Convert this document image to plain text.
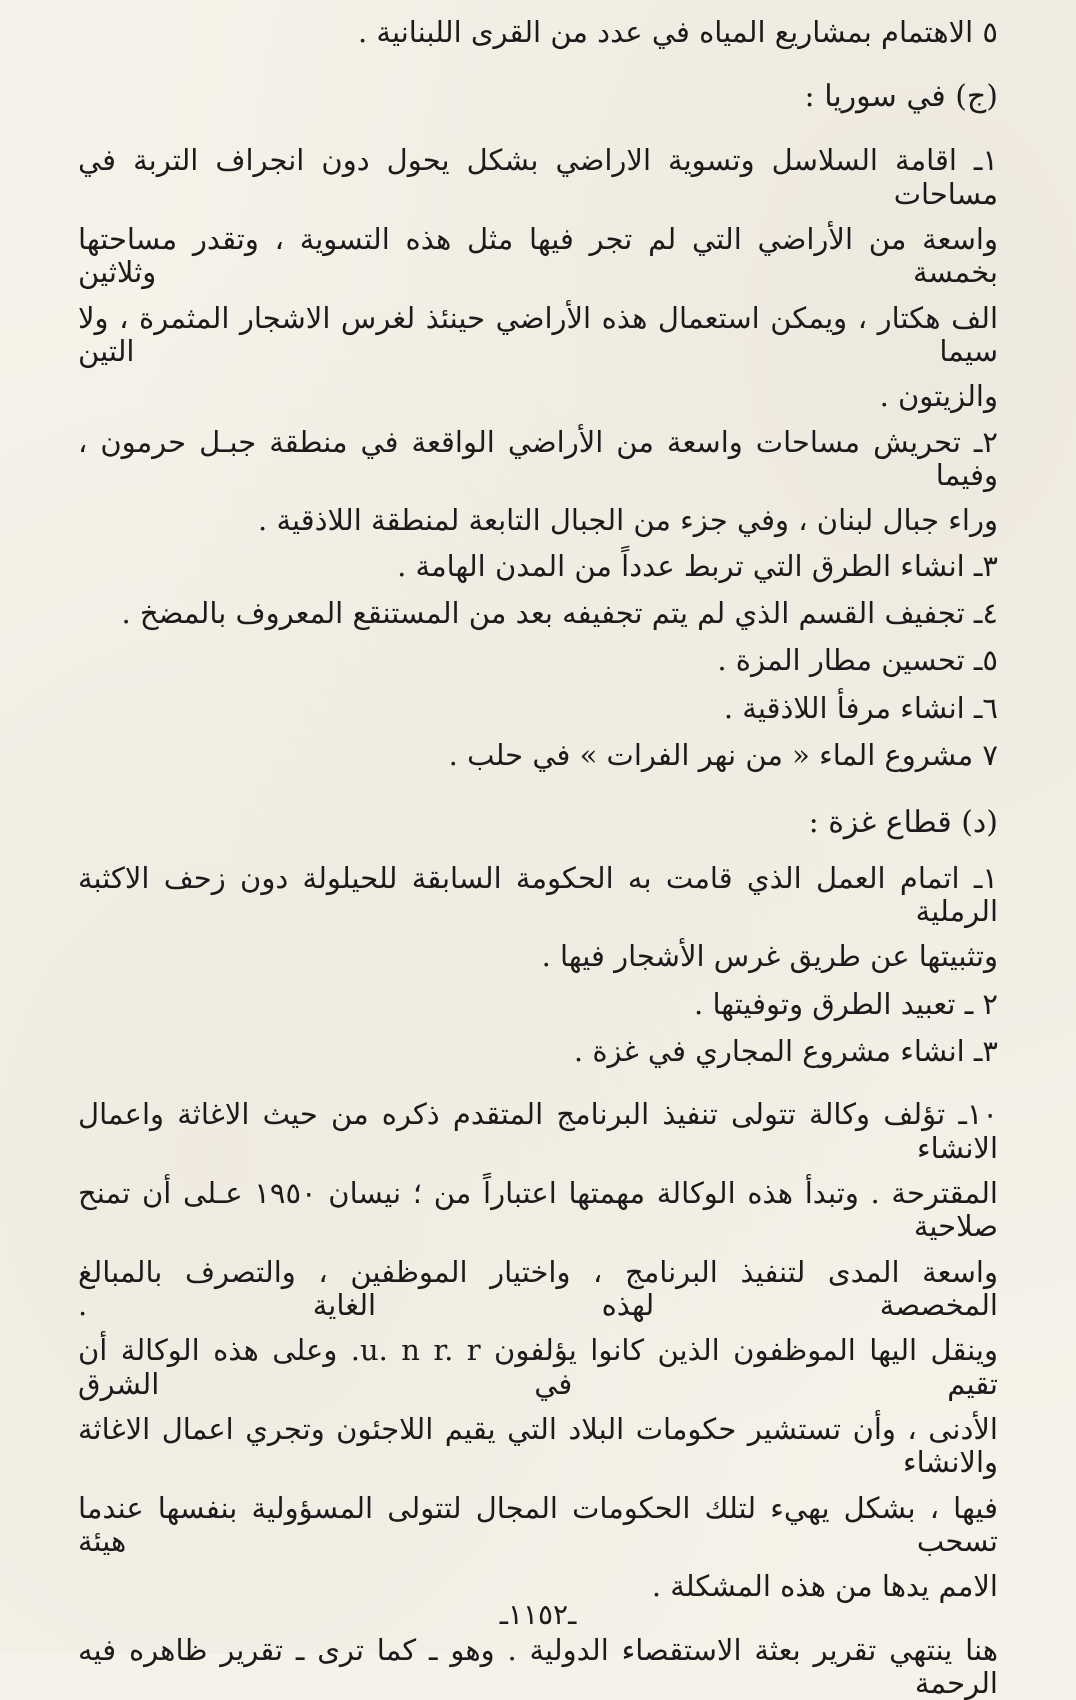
٥ الاهتمام بمشاريع المياه في عدد من القرى اللبنانية .

(ج) في سوريا :

١ـ اقامة السلاسل وتسوية الاراضي بشكل يحول دون انجراف التربة في مساحات

واسعة من الأراضي التي لم تجر فيها مثل هذه التسوية ، وتقدر مساحتها بخمسة وثلاثين

الف هكتار ، ويمكن استعمال هذه الأراضي حينئذ لغرس الاشجار المثمرة ، ولا سيما التين

والزيتون .

٢ـ تحريش مساحات واسعة من الأراضي الواقعة في منطقة جبـل حرمون ، وفيما

وراء جبال لبنان ، وفي جزء من الجبال التابعة لمنطقة اللاذقية .

٣ـ انشاء الطرق التي تربط عدداً من المدن الهامة .

٤ـ تجفيف القسم الذي لم يتم تجفيفه بعد من المستنقع المعروف بالمضخ .

٥ـ تحسين مطار المزة .

٦ـ انشاء مرفأ اللاذقية .

٧ مشروع الماء « من نهر الفرات » في حلب .

(د) قطاع غزة :

١ـ اتمام العمل الذي قامت به الحكومة السابقة للحيلولة دون زحف الاكثبة الرملية

وتثبيتها عن طريق غرس الأشجار فيها .

٢ ـ تعبيد الطرق وتوفيتها .

٣ـ انشاء مشروع المجاري في غزة .

١٠ـ تؤلف وكالة تتولى تنفيذ البرنامج المتقدم ذكره من حيث الاغاثة واعمال الانشاء

المقترحة . وتبدأ هذه الوكالة مهمتها اعتباراً من ؛ نيسان ١٩٥٠ عـلى أن تمنح صلاحية

واسعة المدى لتنفيذ البرنامج ، واختيار الموظفين ، والتصرف بالمبالغ المخصصة لهذه الغاية .

وينقل اليها الموظفون الذين كانوا يؤلفون u. n r. r. وعلى هذه الوكالة أن تقيم في الشرق

الأدنى ، وأن تستشير حكومات البلاد التي يقيم اللاجئون وتجري اعمال الاغاثة والانشاء

فيها ، بشكل يهيء لتلك الحكومات المجال لتتولى المسؤولية بنفسها عندما تسحب هيئة

الامم يدها من هذه المشكلة .

هنا ينتهي تقرير بعثة الاستقصاء الدولية . وهو ـ كما ترى ـ تقرير ظاهره فيه الرحمة

ـ١١٥٢ـ
